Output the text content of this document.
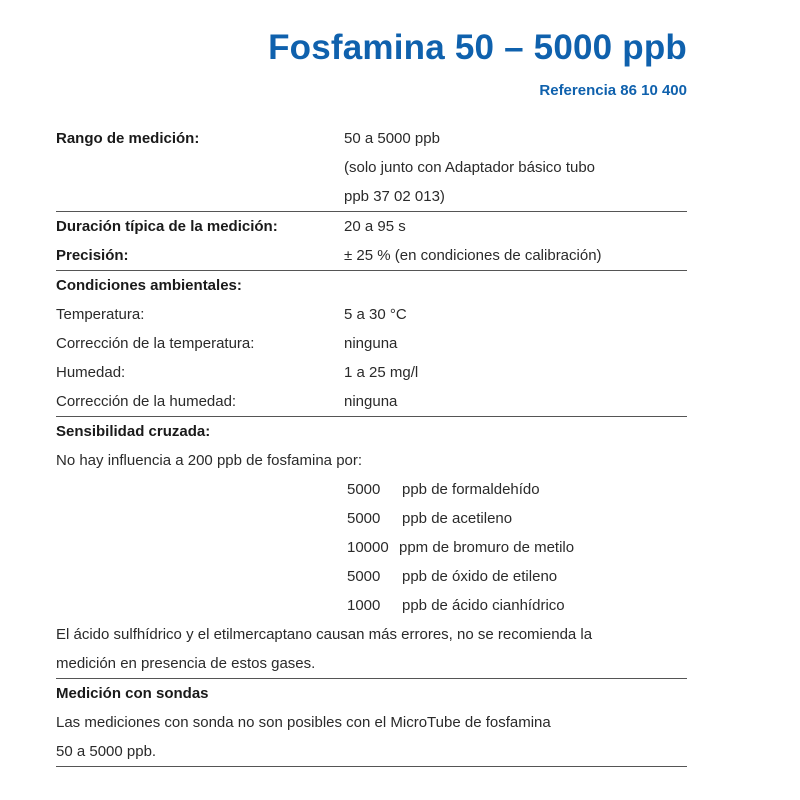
Fosfamina 50 – 5000 ppb
Referencia 86 10 400
Rango de medición:	50 a 5000 ppb
(solo junto con Adaptador básico tubo
ppb 37 02 013)
Duración típica de la medición:	20 a 95 s
Precisión:	± 25 % (en condiciones de calibración)
Condiciones ambientales:
Temperatura:	5 a 30 °C
Corrección de la temperatura:	ninguna
Humedad:	1 a 25 mg/l
Corrección de la humedad:	ninguna
Sensibilidad cruzada:
No hay influencia a 200 ppb de fosfamina por:
5000 ppb de formaldehído
5000 ppb de acetileno
10000 ppm de bromuro de metilo
5000 ppb de óxido de etileno
1000 ppb de ácido cianhídrico
El ácido sulfhídrico y el etilmercaptano causan más errores, no se recomienda la
medición en presencia de estos gases.
Medición con sondas
Las mediciones con sonda no son posibles con el MicroTube de fosfamina
50 a 5000 ppb.
